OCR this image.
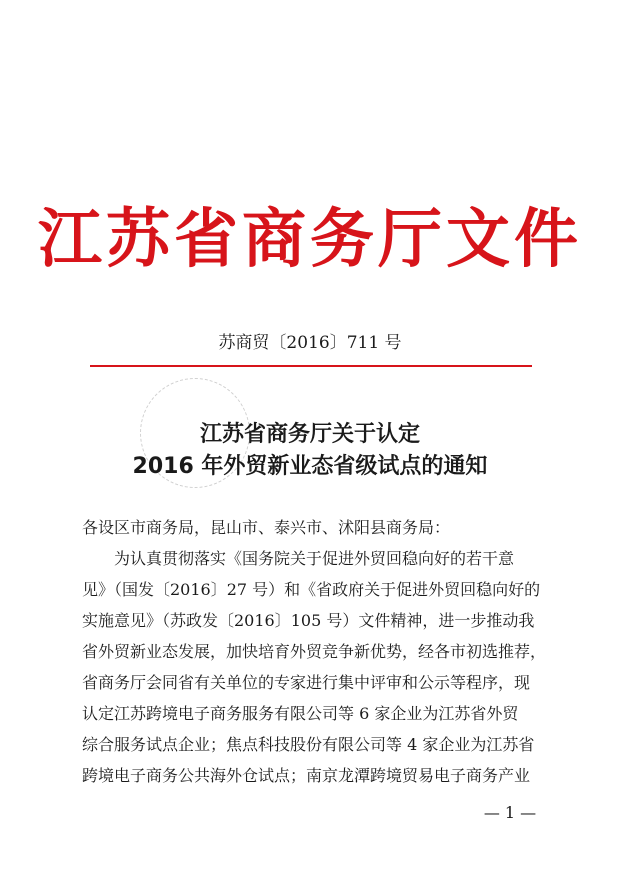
江苏省商务厅文件
苏商贸〔2016〕711 号
江苏省商务厅关于认定
2016 年外贸新业态省级试点的通知
各设区市商务局，昆山市、泰兴市、沭阳县商务局：
为认真贯彻落实《国务院关于促进外贸回稳向好的若干意
见》（国发〔2016〕27 号）和《省政府关于促进外贸回稳向好的
实施意见》（苏政发〔2016〕105 号）文件精神，进一步推动我
省外贸新业态发展，加快培育外贸竞争新优势，经各市初选推荐，
省商务厅会同省有关单位的专家进行集中评审和公示等程序，现
认定江苏跨境电子商务服务有限公司等 6 家企业为江苏省外贸
综合服务试点企业；焦点科技股份有限公司等 4 家企业为江苏省
跨境电子商务公共海外仓试点；南京龙潭跨境贸易电子商务产业
— 1 —
